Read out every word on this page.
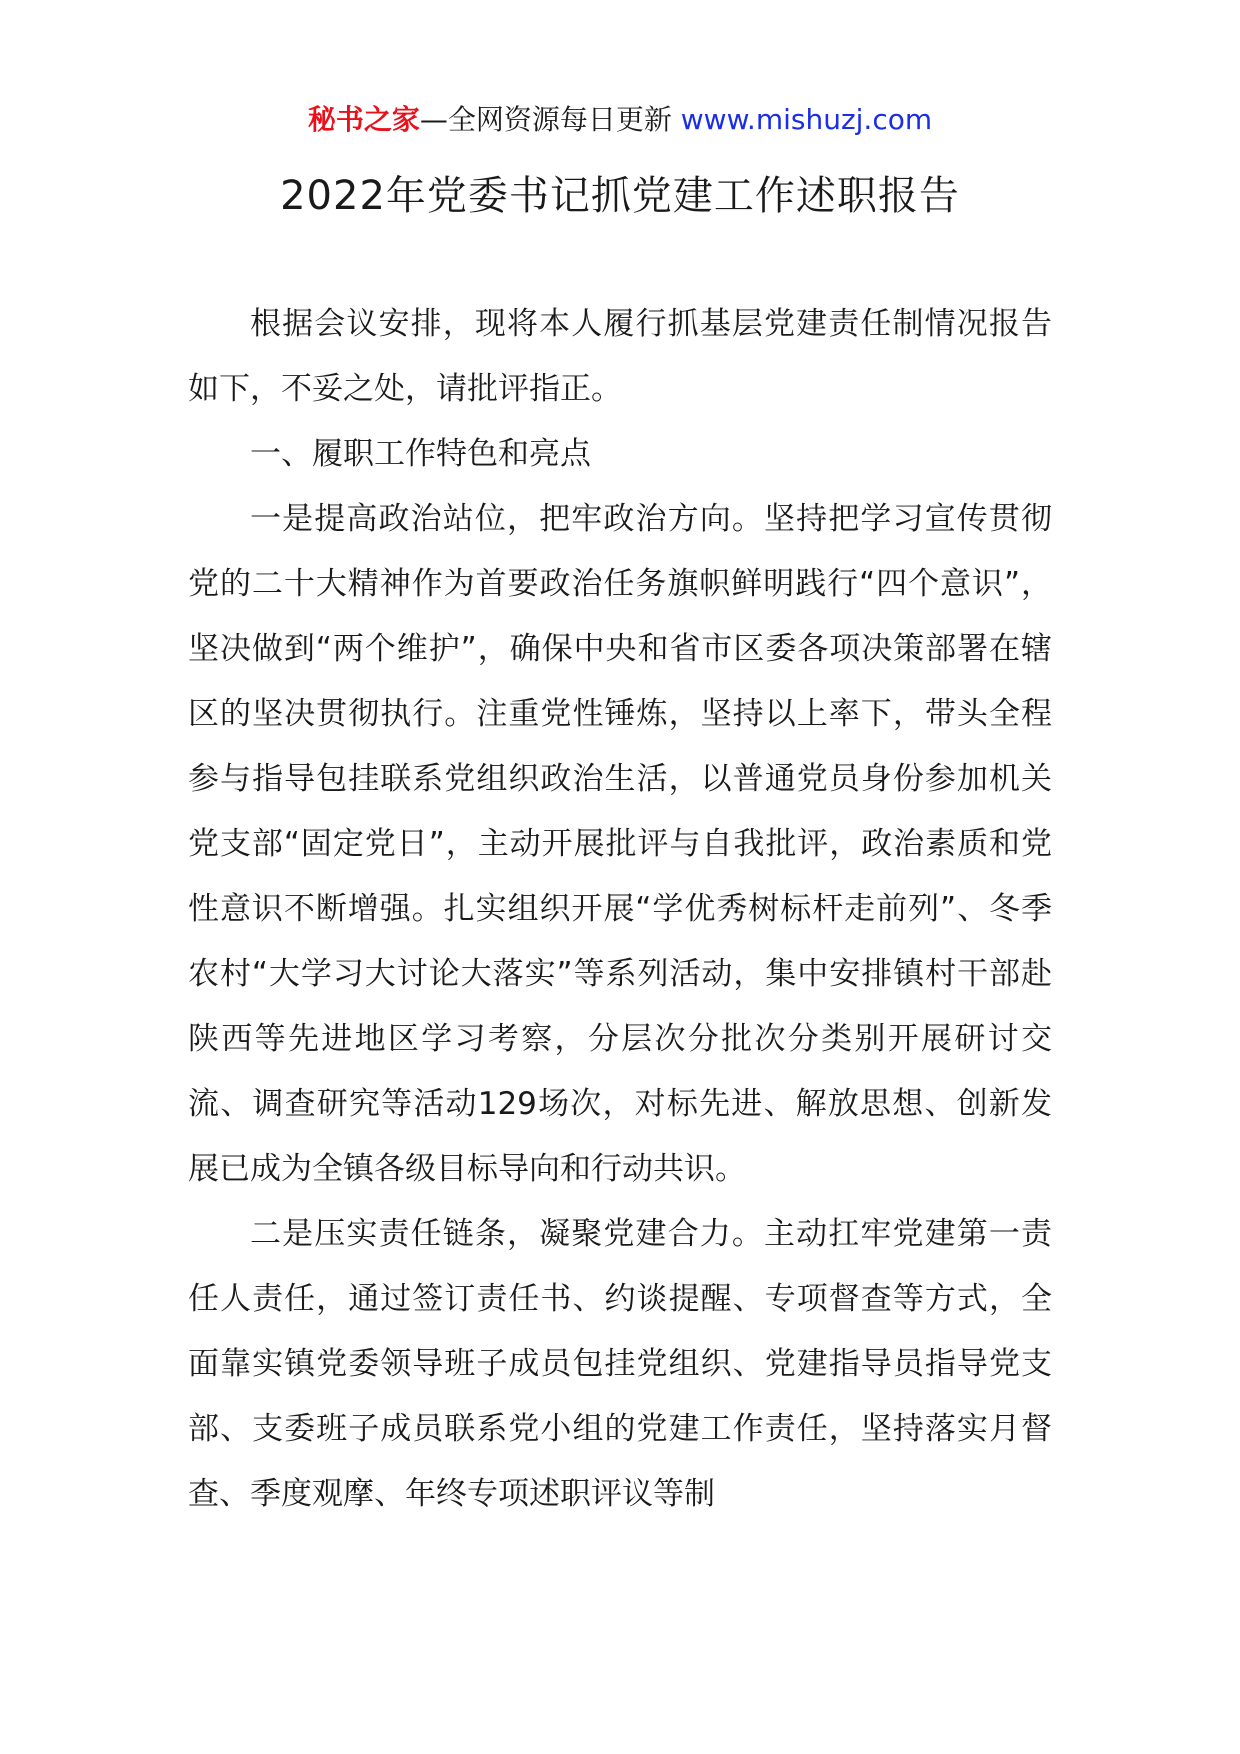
秘书之家—全网资源每日更新 www.mishuzj.com
2022年党委书记抓党建工作述职报告

根据会议安排，现将本人履行抓基层党建责任制情况报告如下，不妥之处，请批评指正。

一、履职工作特色和亮点

一是提高政治站位，把牢政治方向。坚持把学习宣传贯彻党的二十大精神作为首要政治任务旗帜鲜明践行“四个意识”，坚决做到“两个维护”，确保中央和省市区委各项决策部署在辖区的坚决贯彻执行。注重党性锤炼，坚持以上率下，带头全程参与指导包挂联系党组织政治生活，以普通党员身份参加机关党支部“固定党日”，主动开展批评与自我批评，政治素质和党性意识不断增强。扎实组织开展“学优秀树标杆走前列”、冬季农村“大学习大讨论大落实”等系列活动，集中安排镇村干部赴陕西等先进地区学习考察，分层次分批次分类别开展研讨交流、调查研究等活动129场次，对标先进、解放思想、创新发展已成为全镇各级目标导向和行动共识。

二是压实责任链条，凝聚党建合力。主动扛牢党建第一责任人责任，通过签订责任书、约谈提醒、专项督查等方式，全面靠实镇党委领导班子成员包挂党组织、党建指导员指导党支部、支委班子成员联系党小组的党建工作责任，坚持落实月督查、季度观摩、年终专项述职评议等制
